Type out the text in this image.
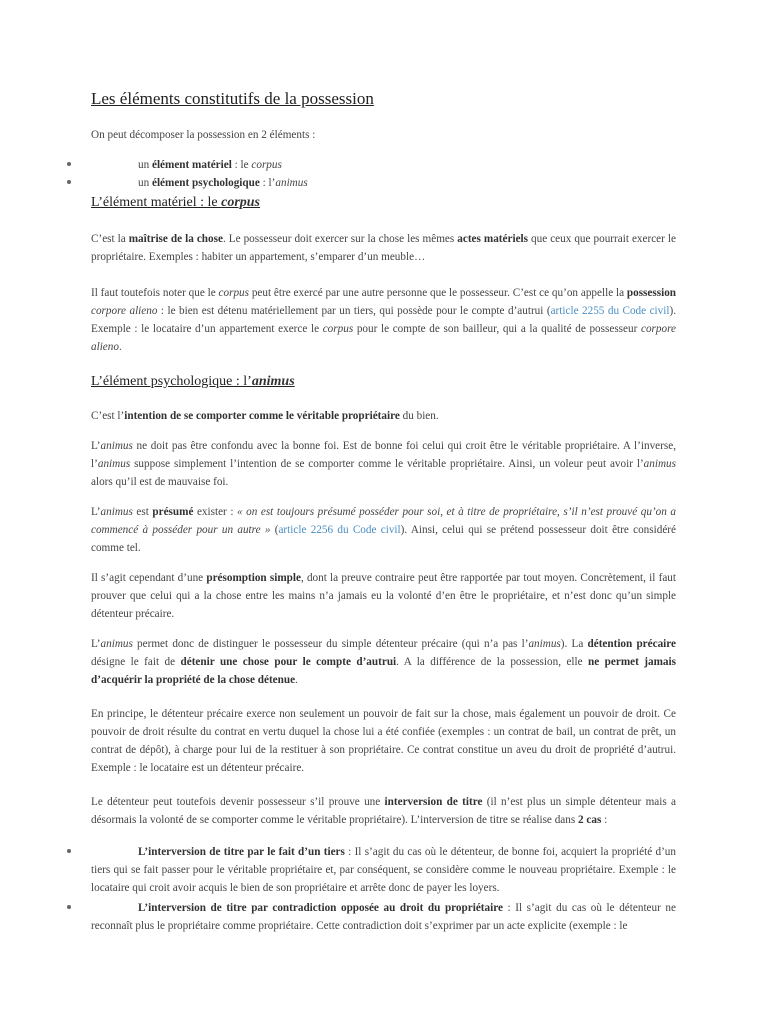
Les éléments constitutifs de la possession

On peut décomposer la possession en 2 éléments :

un élément matériel : le corpus
un élément psychologique : l’animus
L’élément matériel : le corpus

C’est la maîtrise de la chose. Le possesseur doit exercer sur la chose les mêmes actes matériels que ceux que pourrait exercer le propriétaire. Exemples : habiter un appartement, s’emparer d’un meuble…

Il faut toutefois noter que le corpus peut être exercé par une autre personne que le possesseur. C’est ce qu’on appelle la possession corpore alieno : le bien est détenu matériellement par un tiers, qui possède pour le compte d’autrui (article 2255 du Code civil). Exemple : le locataire d’un appartement exerce le corpus pour le compte de son bailleur, qui a la qualité de possesseur corpore alieno.

L’élément psychologique : l’animus

C’est l’intention de se comporter comme le véritable propriétaire du bien.

L’animus ne doit pas être confondu avec la bonne foi. Est de bonne foi celui qui croit être le véritable propriétaire. A l’inverse, l’animus suppose simplement l’intention de se comporter comme le véritable propriétaire. Ainsi, un voleur peut avoir l’animus alors qu’il est de mauvaise foi.

L’animus est présumé exister : « on est toujours présumé posséder pour soi, et à titre de propriétaire, s’il n’est prouvé qu’on a commencé à posséder pour un autre » (article 2256 du Code civil). Ainsi, celui qui se prétend possesseur doit être considéré comme tel.

Il s’agit cependant d’une présomption simple, dont la preuve contraire peut être rapportée par tout moyen. Concrètement, il faut prouver que celui qui a la chose entre les mains n’a jamais eu la volonté d’en être le propriétaire, et n’est donc qu’un simple détenteur précaire.

L’animus permet donc de distinguer le possesseur du simple détenteur précaire (qui n’a pas l’animus). La détention précaire désigne le fait de détenir une chose pour le compte d’autrui. A la différence de la possession, elle ne permet jamais d’acquérir la propriété de la chose détenue.

En principe, le détenteur précaire exerce non seulement un pouvoir de fait sur la chose, mais également un pouvoir de droit. Ce pouvoir de droit résulte du contrat en vertu duquel la chose lui a été confiée (exemples : un contrat de bail, un contrat de prêt, un contrat de dépôt), à charge pour lui de la restituer à son propriétaire. Ce contrat constitue un aveu du droit de propriété d’autrui. Exemple : le locataire est un détenteur précaire.

Le détenteur peut toutefois devenir possesseur s’il prouve une interversion de titre (il n’est plus un simple détenteur mais a désormais la volonté de se comporter comme le véritable propriétaire). L’interversion de titre se réalise dans 2 cas :

L’interversion de titre par le fait d’un tiers : Il s’agit du cas où le détenteur, de bonne foi, acquiert la propriété d’un tiers qui se fait passer pour le véritable propriétaire et, par conséquent, se considère comme le nouveau propriétaire. Exemple : le locataire qui croit avoir acquis le bien de son propriétaire et arrête donc de payer les loyers.

L’interversion de titre par contradiction opposée au droit du propriétaire : Il s’agit du cas où le détenteur ne reconnaît plus le propriétaire comme propriétaire. Cette contradiction doit s’exprimer par un acte explicite (exemple : le
